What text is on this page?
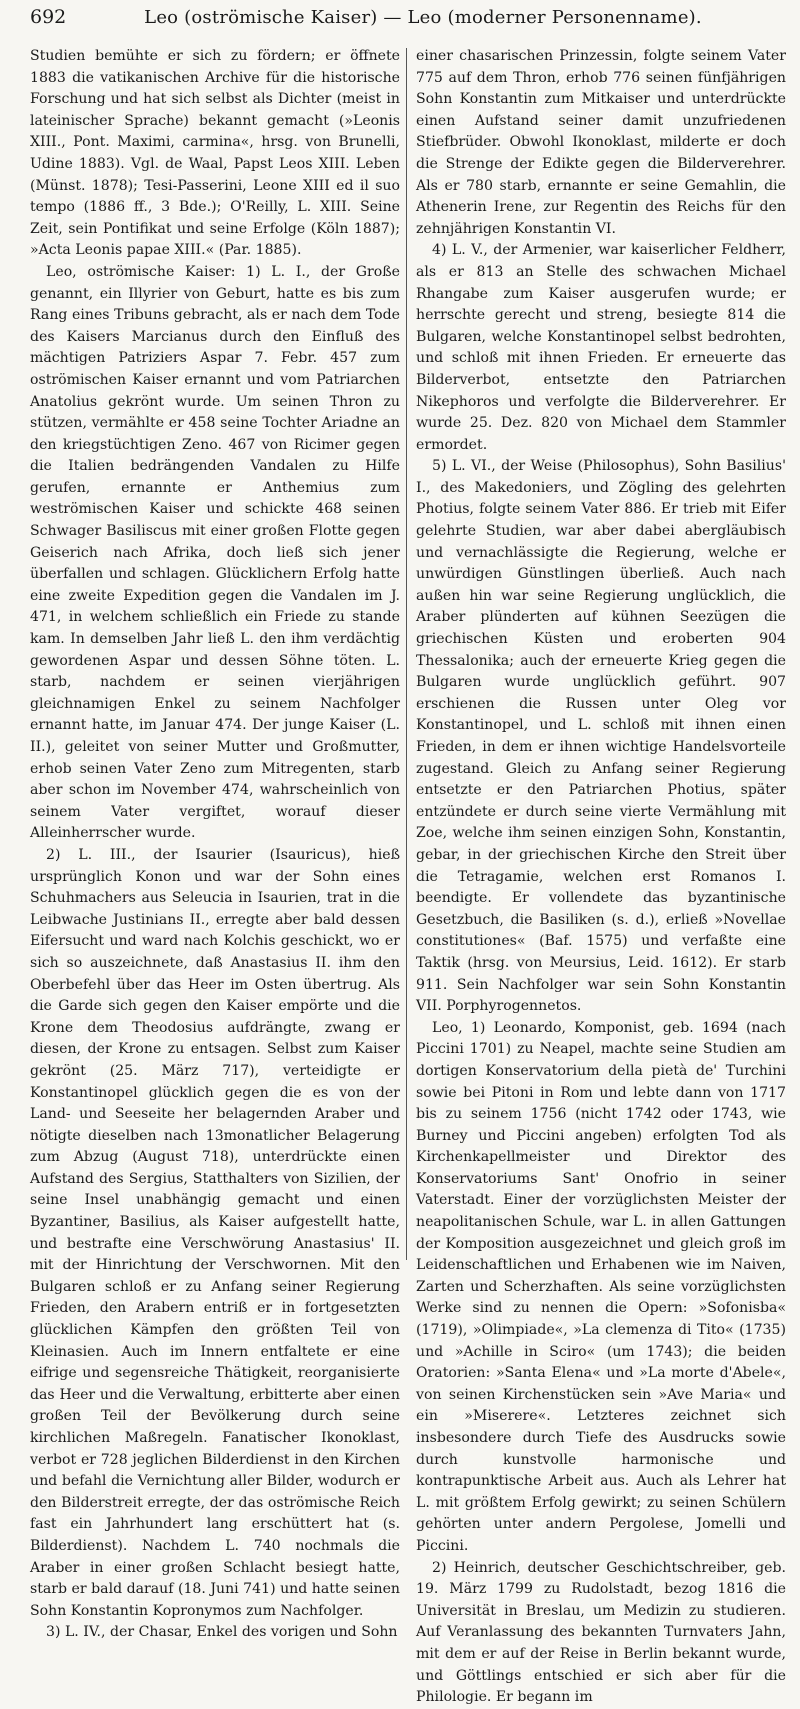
692	Leo (oströmische Kaiser) — Leo (moderner Personenname).

Studien bemühte er sich zu fördern; er öffnete 1883 die vatikanischen Archive für die historische Forschung und hat sich selbst als Dichter (meist in lateinischer Sprache) bekannt gemacht (»Leonis XIII., Pont. Maximi, carmina«, hrsg. von Brunelli, Udine 1883). Vgl. de Waal, Papst Leos XIII. Leben (Münst. 1878); Tesi-Passerini, Leone XIII ed il suo tempo (1886 ff., 3 Bde.); O'Reilly, L. XIII. Seine Zeit, sein Pontifikat und seine Erfolge (Köln 1887); »Acta Leonis papae XIII.« (Par. 1885).

Leo, oströmische Kaiser: 1) L. I., der Große genannt, ein Illyrier von Geburt, hatte es bis zum Rang eines Tribuns gebracht, als er nach dem Tode des Kaisers Marcianus durch den Einfluß des mächtigen Patriziers Aspar 7. Febr. 457 zum oströmischen Kaiser ernannt und vom Patriarchen Anatolius gekrönt wurde. Um seinen Thron zu stützen, vermählte er 458 seine Tochter Ariadne an den kriegstüchtigen Zeno. 467 von Ricimer gegen die Italien bedrängenden Vandalen zu Hilfe gerufen, ernannte er Anthemius zum weströmischen Kaiser und schickte 468 seinen Schwager Basiliscus mit einer großen Flotte gegen Geiserich nach Afrika, doch ließ sich jener überfallen und schlagen. Glücklichern Erfolg hatte eine zweite Expedition gegen die Vandalen im J. 471, in welchem schließlich ein Friede zu stande kam. In demselben Jahr ließ L. den ihm verdächtig gewordenen Aspar und dessen Söhne töten. L. starb, nachdem er seinen vierjährigen gleichnamigen Enkel zu seinem Nachfolger ernannt hatte, im Januar 474. Der junge Kaiser (L. II.), geleitet von seiner Mutter und Großmutter, erhob seinen Vater Zeno zum Mitregenten, starb aber schon im November 474, wahrscheinlich von seinem Vater vergiftet, worauf dieser Alleinherrscher wurde.

2) L. III., der Isaurier (Isauricus), hieß ursprünglich Konon und war der Sohn eines Schuhmachers aus Seleucia in Isaurien, trat in die Leibwache Justinians II., erregte aber bald dessen Eifersucht und ward nach Kolchis geschickt, wo er sich so auszeichnete, daß Anastasius II. ihm den Oberbefehl über das Heer im Osten übertrug. Als die Garde sich gegen den Kaiser empörte und die Krone dem Theodosius aufdrängte, zwang er diesen, der Krone zu entsagen. Selbst zum Kaiser gekrönt (25. März 717), verteidigte er Konstantinopel glücklich gegen die es von der Land- und Seeseite her belagernden Araber und nötigte dieselben nach 13monatlicher Belagerung zum Abzug (August 718), unterdrückte einen Aufstand des Sergius, Statthalters von Sizilien, der seine Insel unabhängig gemacht und einen Byzantiner, Basilius, als Kaiser aufgestellt hatte, und bestrafte eine Verschwörung Anastasius' II. mit der Hinrichtung der Verschwornen. Mit den Bulgaren schloß er zu Anfang seiner Regierung Frieden, den Arabern entriß er in fortgesetzten glücklichen Kämpfen den größten Teil von Kleinasien. Auch im Innern entfaltete er eine eifrige und segensreiche Thätigkeit, reorganisierte das Heer und die Verwaltung, erbitterte aber einen großen Teil der Bevölkerung durch seine kirchlichen Maßregeln. Fanatischer Ikonoklast, verbot er 728 jeglichen Bilderdienst in den Kirchen und befahl die Vernichtung aller Bilder, wodurch er den Bilderstreit erregte, der das oströmische Reich fast ein Jahrhundert lang erschüttert hat (s. Bilderdienst). Nachdem L. 740 nochmals die Araber in einer großen Schlacht besiegt hatte, starb er bald darauf (18. Juni 741) und hatte seinen Sohn Konstantin Kopronymos zum Nachfolger.

3) L. IV., der Chasar, Enkel des vorigen und Sohn

einer chasarischen Prinzessin, folgte seinem Vater 775 auf dem Thron, erhob 776 seinen fünfjährigen Sohn Konstantin zum Mitkaiser und unterdrückte einen Aufstand seiner damit unzufriedenen Stiefbrüder. Obwohl Ikonoklast, milderte er doch die Strenge der Edikte gegen die Bilderverehrer. Als er 780 starb, ernannte er seine Gemahlin, die Athenerin Irene, zur Regentin des Reichs für den zehnjährigen Konstantin VI.

4) L. V., der Armenier, war kaiserlicher Feldherr, als er 813 an Stelle des schwachen Michael Rhangabe zum Kaiser ausgerufen wurde; er herrschte gerecht und streng, besiegte 814 die Bulgaren, welche Konstantinopel selbst bedrohten, und schloß mit ihnen Frieden. Er erneuerte das Bilderverbot, entsetzte den Patriarchen Nikephoros und verfolgte die Bilderverehrer. Er wurde 25. Dez. 820 von Michael dem Stammler ermordet.

5) L. VI., der Weise (Philosophus), Sohn Basilius' I., des Makedoniers, und Zögling des gelehrten Photius, folgte seinem Vater 886. Er trieb mit Eifer gelehrte Studien, war aber dabei abergläubisch und vernachlässigte die Regierung, welche er unwürdigen Günstlingen überließ. Auch nach außen hin war seine Regierung unglücklich, die Araber plünderten auf kühnen Seezügen die griechischen Küsten und eroberten 904 Thessalonika; auch der erneuerte Krieg gegen die Bulgaren wurde unglücklich geführt. 907 erschienen die Russen unter Oleg vor Konstantinopel, und L. schloß mit ihnen einen Frieden, in dem er ihnen wichtige Handelsvorteile zugestand. Gleich zu Anfang seiner Regierung entsetzte er den Patriarchen Photius, später entzündete er durch seine vierte Vermählung mit Zoe, welche ihm seinen einzigen Sohn, Konstantin, gebar, in der griechischen Kirche den Streit über die Tetragamie, welchen erst Romanos I. beendigte. Er vollendete das byzantinische Gesetzbuch, die Basiliken (s. d.), erließ »Novellae constitutiones« (Baf. 1575) und verfaßte eine Taktik (hrsg. von Meursius, Leid. 1612). Er starb 911. Sein Nachfolger war sein Sohn Konstantin VII. Porphyrogennetos.

Leo, 1) Leonardo, Komponist, geb. 1694 (nach Piccini 1701) zu Neapel, machte seine Studien am dortigen Konservatorium della pietà de' Turchini sowie bei Pitoni in Rom und lebte dann von 1717 bis zu seinem 1756 (nicht 1742 oder 1743, wie Burney und Piccini angeben) erfolgten Tod als Kirchenkapellmeister und Direktor des Konservatoriums Sant' Onofrio in seiner Vaterstadt. Einer der vorzüglichsten Meister der neapolitanischen Schule, war L. in allen Gattungen der Komposition ausgezeichnet und gleich groß im Leidenschaftlichen und Erhabenen wie im Naiven, Zarten und Scherzhaften. Als seine vorzüglichsten Werke sind zu nennen die Opern: »Sofonisba« (1719), »Olimpiade«, »La clemenza di Tito« (1735) und »Achille in Sciro« (um 1743); die beiden Oratorien: »Santa Elena« und »La morte d'Abele«, von seinen Kirchenstücken sein »Ave Maria« und ein »Miserere«. Letzteres zeichnet sich insbesondere durch Tiefe des Ausdrucks sowie durch kunstvolle harmonische und kontrapunktische Arbeit aus. Auch als Lehrer hat L. mit größtem Erfolg gewirkt; zu seinen Schülern gehörten unter andern Pergolese, Jomelli und Piccini.

2) Heinrich, deutscher Geschichtschreiber, geb. 19. März 1799 zu Rudolstadt, bezog 1816 die Universität in Breslau, um Medizin zu studieren. Auf Veranlassung des bekannten Turnvaters Jahn, mit dem er auf der Reise in Berlin bekannt wurde, und Göttlings entschied er sich aber für die Philologie. Er begann im
